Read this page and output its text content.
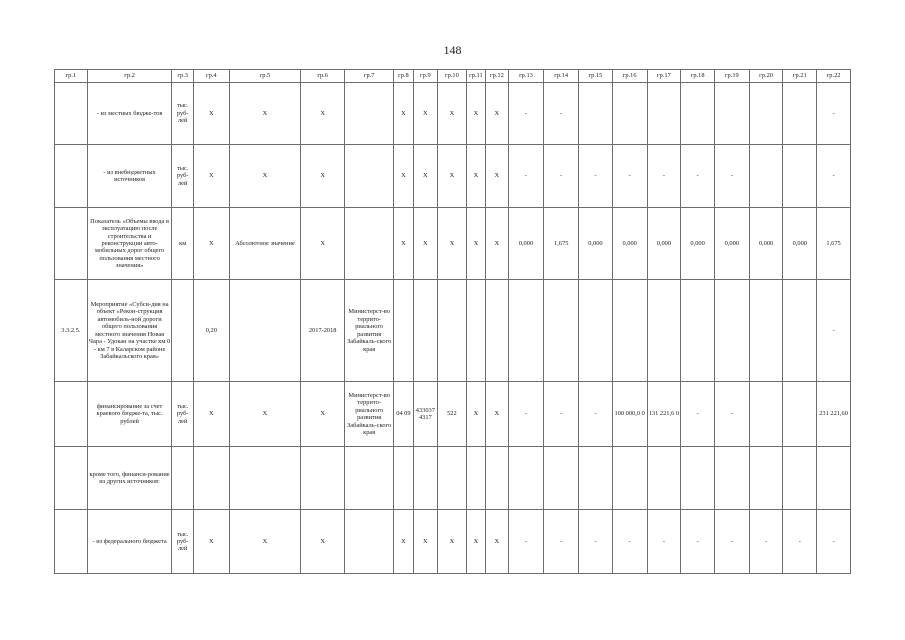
148
гр.1	гр.2	гр.3	гр.4	гр.5	гр.6	гр.7	гр.8	гр.9	гр.10	гр.11	гр.12	гр.13	гр.14	гр.15	гр.16	гр.17	гр.18	гр.19	гр.20	гр.21	гр.22
	- из местных бюдже-тов	тыс. руб-лей	Х	Х	Х		Х	Х	Х	Х	Х	-	-								-
	- из внебюджетных источников	тыс. руб-лей	Х	Х	Х		Х	Х	Х	Х	Х	-	-	-	-	-	-	-			-
	Показатель «Объемы ввода в эксплуатацию после строительства и реконструкции авто-мобильных дорог общего пользования местного значения»	км	Х	Абсолютное значение	Х		Х	Х	Х	Х	Х	0,000	1,675	0,000	0,000	0,000	0,000	0,000	0,000	0,000	1,675
3.3.2.5.	Мероприятие «Субси-дия на объект «Рекон-струкция автомобиль-ной дороги общего пользования местного значения Новая Чара - Удокан на участке км 0 - км 7 в Каларском районе Забайкальского края»		0,20		2017-2018	Министерст-во террито-риального развития Забайкаль-ского края															-
	финансирование за счет краевого бюдже-та, тыс. рублей	тыс. руб-лей	Х	Х	Х	Министерст-во террито-риального развития Забайкаль-ского края	04 09	433037 4317	522	Х	Х	-	-	-	100 000,0 0	131 221,6 0	-	-			231 221,60
	кроме того, финанси-рование из других источников:																				
	- из федерального бюджета	тыс. руб-лей	Х	Х	Х		Х	Х	Х	Х	Х	-	-	-	-	-	-	-	-	-	-
